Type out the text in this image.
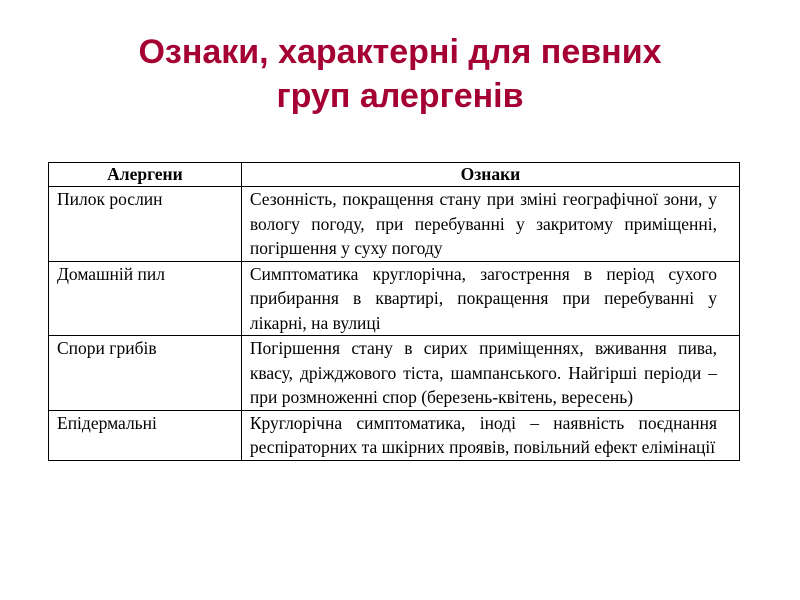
Ознаки, характерні для певних
груп алергенів
Алергени	Ознаки
Пилок рослин	Сезонність, покращення стану при зміні географічної зони, у вологу погоду, при перебуванні у закритому приміщенні, погіршення у суху погоду
Домашній пил	Симптоматика круглорічна, загострення в період сухого прибирання в квартирі, покращення при перебуванні у лікарні, на вулиці
Спори грибів	Погіршення стану в сирих приміщеннях, вживання пива, квасу, дріжджового тіста, шампанського. Найгірші періоди – при розмноженні спор (березень-квітень, вересень)
Епідермальні	Круглорічна симптоматика, іноді – наявність поєднання респіраторних та шкірних проявів, повільний ефект елімінації
